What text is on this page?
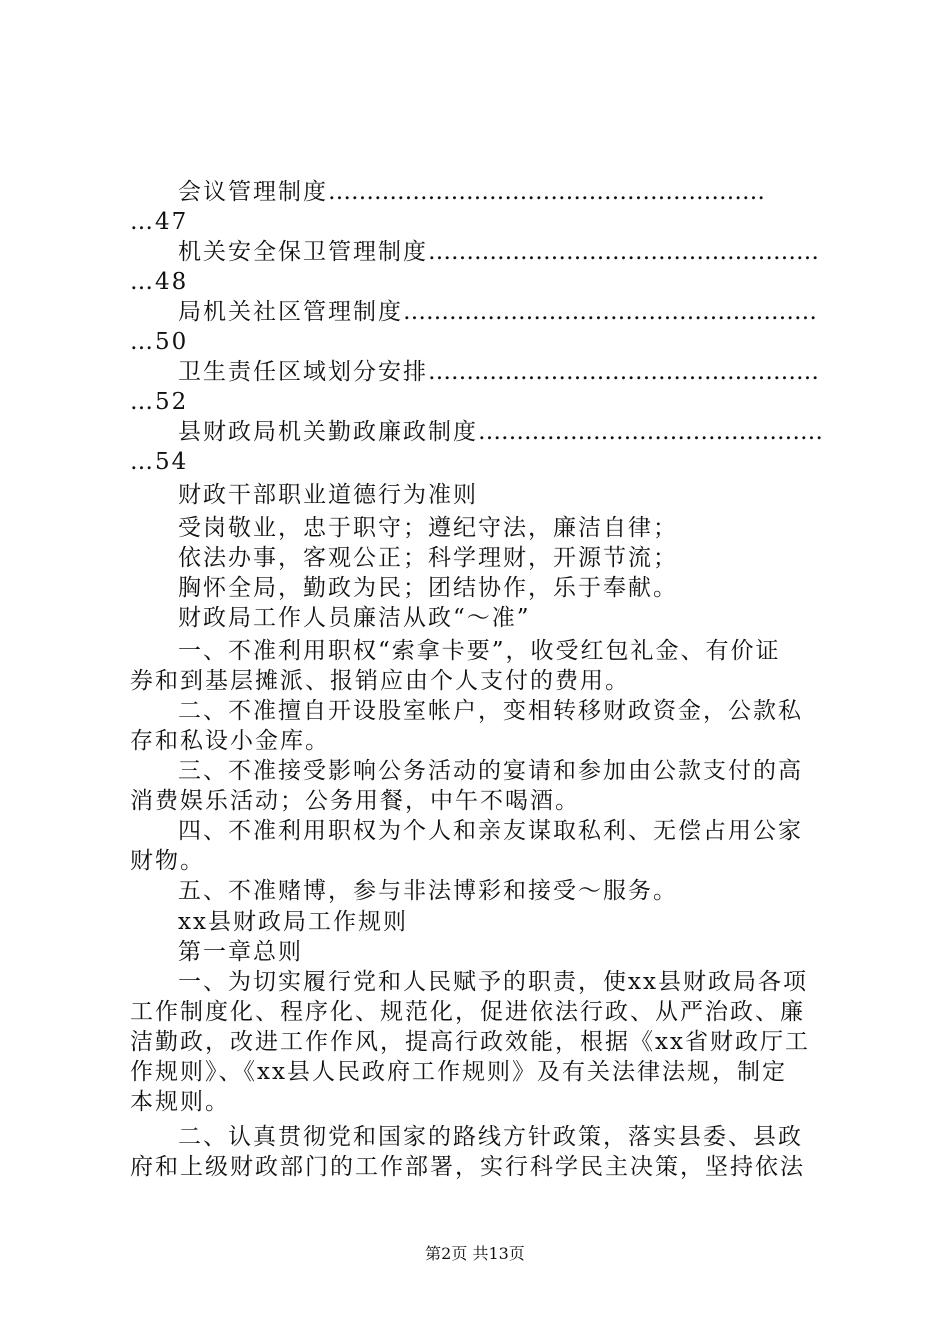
会议管理制度…………………………………………………
…47
机关安全保卫管理制度……………………………………………
…48
局机关社区管理制度………………………………………………
…50
卫生责任区域划分安排……………………………………………
…52
县财政局机关勤政廉政制度………………………………………
…54
财政干部职业道德行为准则
受岗敬业，忠于职守；遵纪守法，廉洁自律；
依法办事，客观公正；科学理财，开源节流；
胸怀全局，勤政为民；团结协作，乐于奉献。
财政局工作人员廉洁从政“～准”
一、不准利用职权“索拿卡要”，收受红包礼金、有价证
券和到基层摊派、报销应由个人支付的费用。
二、不准擅自开设股室帐户，变相转移财政资金，公款私
存和私设小金库。
三、不准接受影响公务活动的宴请和参加由公款支付的高
消费娱乐活动；公务用餐，中午不喝酒。
四、不准利用职权为个人和亲友谋取私利、无偿占用公家
财物。
五、不准赌博，参与非法博彩和接受～服务。
xx县财政局工作规则
第一章总则
一、为切实履行党和人民赋予的职责，使xx县财政局各项
工作制度化、程序化、规范化，促进依法行政、从严治政、廉
洁勤政，改进工作作风，提高行政效能，根据《xx省财政厅工
作规则》、《xx县人民政府工作规则》及有关法律法规，制定
本规则。
二、认真贯彻党和国家的路线方针政策，落实县委、县政
府和上级财政部门的工作部署，实行科学民主决策，坚持依法
第2页 共13页
